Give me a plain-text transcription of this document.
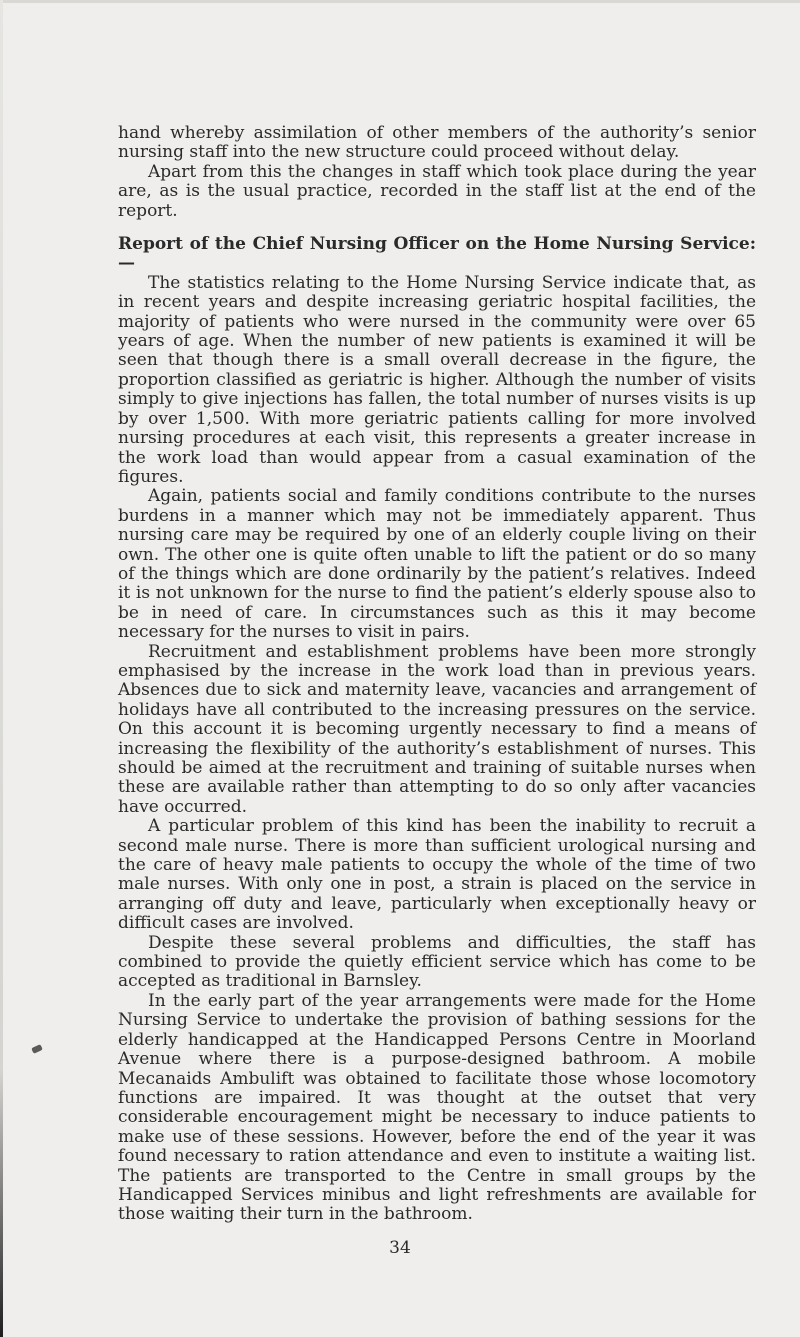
hand whereby assimilation of other members of the authority’s senior nursing staff into the new structure could proceed without delay.

Apart from this the changes in staff which took place during the year are, as is the usual practice, recorded in the staff list at the end of the report.

Report of the Chief Nursing Officer on the Home Nursing Service:—

The statistics relating to the Home Nursing Service indicate that, as in recent years and despite increasing geriatric hospital facilities, the majority of patients who were nursed in the community were over 65 years of age. When the number of new patients is examined it will be seen that though there is a small overall decrease in the figure, the proportion classified as geriatric is higher. Although the number of visits simply to give injections has fallen, the total number of nurses visits is up by over 1,500. With more geriatric patients calling for more involved nursing procedures at each visit, this represents a greater increase in the work load than would appear from a casual examination of the figures.

Again, patients social and family conditions contribute to the nurses burdens in a manner which may not be immediately apparent. Thus nursing care may be required by one of an elderly couple living on their own. The other one is quite often unable to lift the patient or do so many of the things which are done ordinarily by the patient’s relatives. Indeed it is not unknown for the nurse to find the patient’s elderly spouse also to be in need of care. In circumstances such as this it may become necessary for the nurses to visit in pairs.

Recruitment and establishment problems have been more strongly emphasised by the increase in the work load than in previous years. Absences due to sick and maternity leave, vacancies and arrangement of holidays have all contributed to the increasing pressures on the service. On this account it is becoming urgently necessary to find a means of increasing the flexibility of the authority’s establishment of nurses. This should be aimed at the recruitment and training of suitable nurses when these are available rather than attempting to do so only after vacancies have occurred.

A particular problem of this kind has been the inability to recruit a second male nurse. There is more than sufficient urological nursing and the care of heavy male patients to occupy the whole of the time of two male nurses. With only one in post, a strain is placed on the service in arranging off duty and leave, particularly when exceptionally heavy or difficult cases are involved.

Despite these several problems and difficulties, the staff has combined to provide the quietly efficient service which has come to be accepted as traditional in Barnsley.

In the early part of the year arrangements were made for the Home Nursing Service to undertake the provision of bathing sessions for the elderly handicapped at the Handicapped Persons Centre in Moorland Avenue where there is a purpose-designed bathroom. A mobile Mecanaids Ambulift was obtained to facilitate those whose locomotory functions are impaired. It was thought at the outset that very considerable encouragement might be necessary to induce patients to make use of these sessions. However, before the end of the year it was found necessary to ration attendance and even to institute a waiting list. The patients are transported to the Centre in small groups by the Handicapped Services minibus and light refreshments are available for those waiting their turn in the bathroom.

34
